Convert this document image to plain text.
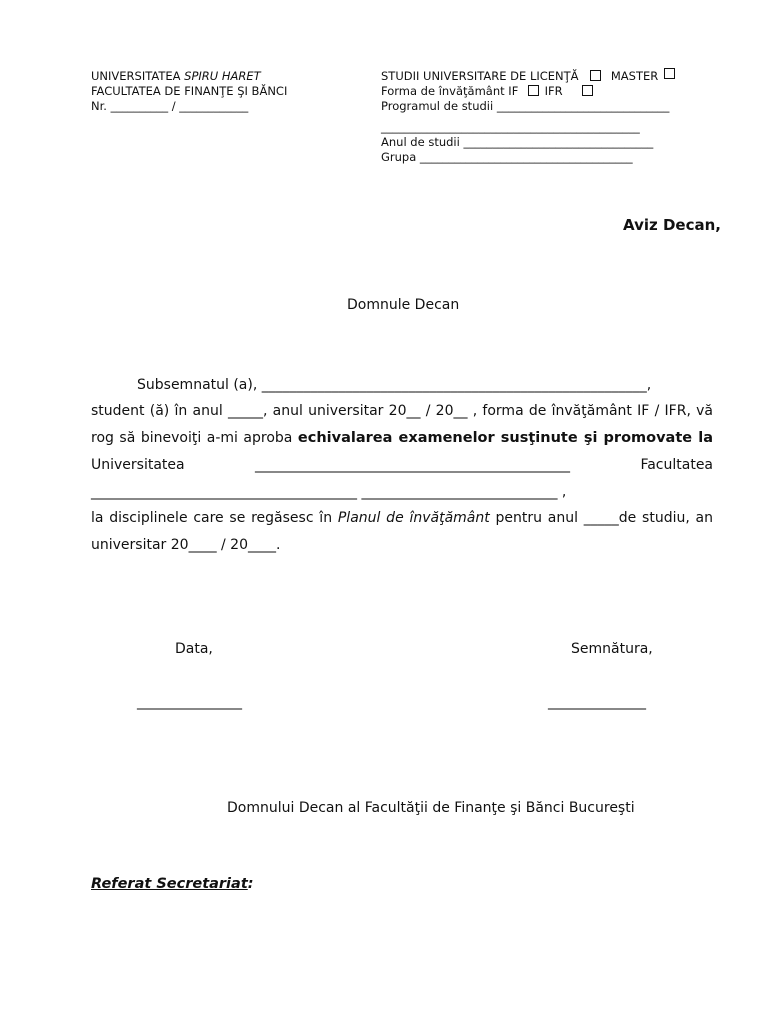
UNIVERSITATEA SPIRU HARET
FACULTATEA DE FINANŢE ŞI BĂNCI
Nr. __________ / ____________
STUDII UNIVERSITARE DE LICENŢĂ	MASTER
Forma de învăţământ IF IFR
Programul de studii ______________________________
_____________________________________________
Anul de studii _________________________________
Grupa _____________________________________
Aviz Decan,
Domnule Decan
Subsemnatul (a), _______________________________________________________,
student (ă) în anul _____, anul universitar 20__ / 20__ , forma de învăţământ IF / IFR, vă
rog să binevoiţi a-mi aproba echivalarea examenelor susţinute şi promovate la
Universitatea	_____________________________________________	Facultatea
______________________________________ ____________________________ ,
la disciplinele care se regăsesc în Planul de învăţământ pentru anul _____de studiu, an
universitar 20____ / 20____.
Data,	Semnătura,
_______________	______________
Domnului Decan al Facultăţii de Finanţe şi Bănci Bucureşti
Referat Secretariat:
